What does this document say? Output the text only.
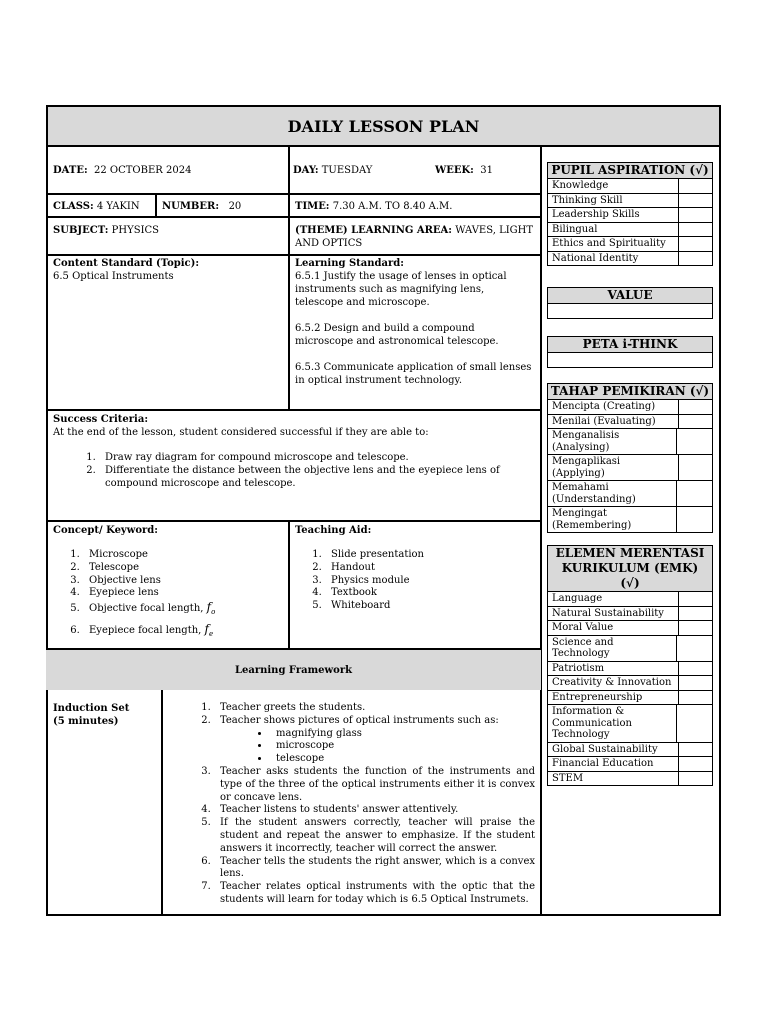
DAILY LESSON PLAN
Learning Framework
DATE: 22 OCTOBER 2024	DAY: TUESDAY	WEEK: 31
CLASS: 4 YAKIN NUMBER: 20	TIME: 7.30 A.M. TO 8.40 A.M.
SUBJECT: PHYSICS	(THEME) LEARNING AREA: WAVES, LIGHT AND OPTICS
Content Standard (Topic):
6.5 Optical Instruments
Learning Standard:
6.5.1 Justify the usage of lenses in optical instruments such as magnifying lens, telescope and microscope.
6.5.2 Design and build a compound microscope and astronomical telescope.
6.5.3 Communicate application of small lenses in optical instrument technology.
Success Criteria:
At the end of the lesson, student considered successful if they are able to:
1. Draw ray diagram for compound microscope and telescope.
2. Differentiate the distance between the objective lens and the eyepiece lens of compound microscope and telescope.
Concept/ Keyword:
1. Microscope
2. Telescope
3. Objective lens
4. Eyepiece lens
5. Objective focal length, $f_o$
6. Eyepiece focal length, $f_e$
Teaching Aid:
1. Slide presentation
2. Handout
3. Physics module
4. Textbook
5. Whiteboard
Induction Set
(5 minutes)
1. Teacher greets the students.
2. Teacher shows pictures of optical instruments such as:
• magnifying glass
• microscope
• telescope
3. Teacher asks students the function of the instruments and type of the three of the optical instruments either it is convex or concave lens.
4. Teacher listens to students' answer attentively.
5. If the student answers correctly, teacher will praise the student and repeat the answer to emphasize. If the student answers it incorrectly, teacher will correct the answer.
6. Teacher tells the students the right answer, which is a convex lens.
7. Teacher relates optical instruments with the optic that the students will learn for today which is 6.5 Optical Instrumets.
PUPIL ASPIRATION (√)
Knowledge
Thinking Skill
Leadership Skills
Bilingual
Ethics and Spirituality
National Identity
VALUE
PETA i-THINK
TAHAP PEMIKIRAN (√)
Mencipta (Creating)
Menilai (Evaluating)
Menganalisis (Analysing)
Mengaplikasi (Applying)
Memahami (Understanding)
Mengingat (Remembering)
ELEMEN MERENTASI KURIKULUM (EMK) (√)
Language
Natural Sustainability
Moral Value
Science and Technology
Patriotism
Creativity & Innovation
Entrepreneurship
Information & Communication Technology
Global Sustainability
Financial Education
STEM
